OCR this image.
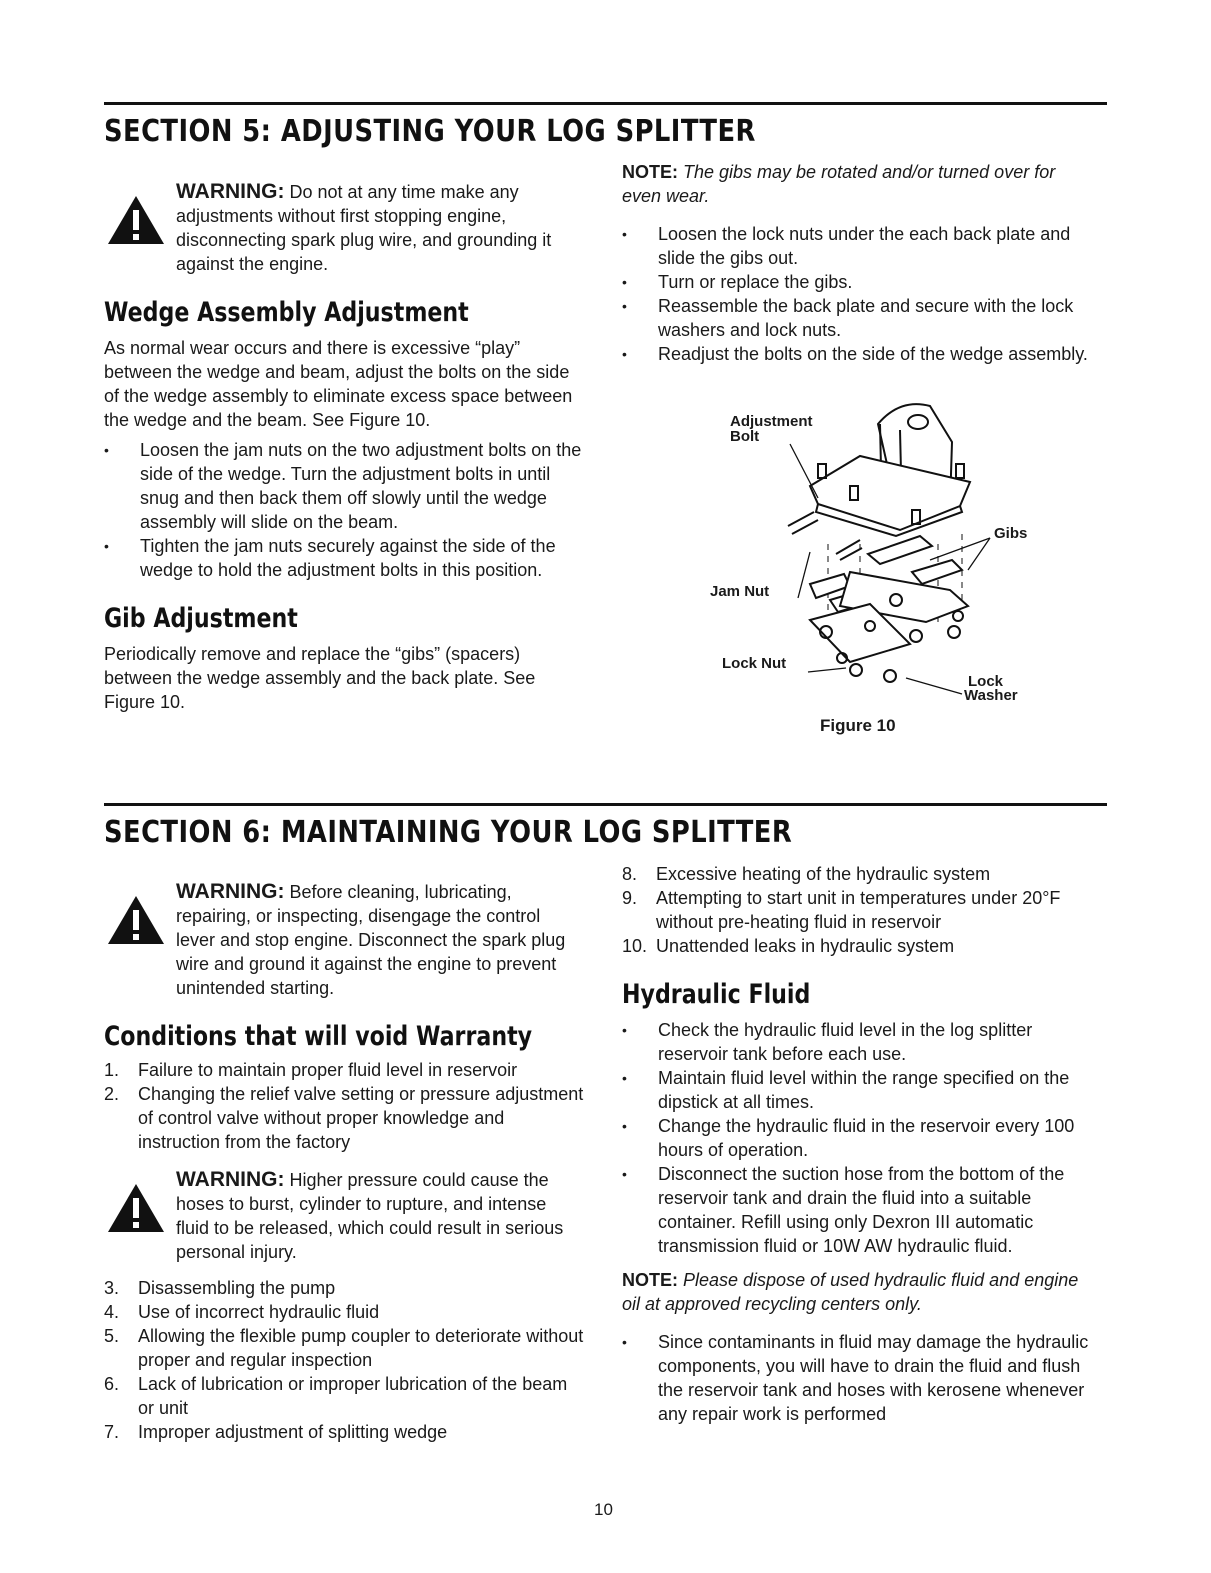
SECTION 5: ADJUSTING YOUR LOG SPLITTER

WARNING: Do not at any time make any adjustments without first stopping engine, disconnecting spark plug wire, and grounding it against the engine.

Wedge Assembly Adjustment

As normal wear occurs and there is excessive “play” between the wedge and beam, adjust the bolts on the side of the wedge assembly to eliminate excess space between the wedge and the beam. See Figure 10.

• Loosen the jam nuts on the two adjustment bolts on the side of the wedge. Turn the adjustment bolts in until snug and then back them off slowly until the wedge assembly will slide on the beam.
• Tighten the jam nuts securely against the side of the wedge to hold the adjustment bolts in this position.
Gib Adjustment

Periodically remove and replace the “gibs” (spacers) between the wedge assembly and the back plate. See Figure 10.

NOTE: The gibs may be rotated and/or turned over for even wear.

• Loosen the lock nuts under the each back plate and slide the gibs out.
• Turn or replace the gibs.
• Reassemble the back plate and secure with the lock washers and lock nuts.
• Readjust the bolts on the side of the wedge assembly.
Adjustment
Bolt
Gibs
Jam Nut
Lock Nut
Lock
Washer
Figure 10
SECTION 6: MAINTAINING YOUR LOG SPLITTER

WARNING: Before cleaning, lubricating, repairing, or inspecting, disengage the control lever and stop engine. Disconnect the spark plug wire and ground it against the engine to prevent unintended starting.

Conditions that will void Warranty
1. Failure to maintain proper fluid level in reservoir
2. Changing the relief valve setting or pressure adjustment of control valve without proper knowledge and instruction from the factory

WARNING: Higher pressure could cause the hoses to burst, cylinder to rupture, and intense fluid to be released, which could result in serious personal injury.

3. Disassembling the pump
4. Use of incorrect hydraulic fluid
5. Allowing the flexible pump coupler to deteriorate without proper and regular inspection
6. Lack of lubrication or improper lubrication of the beam or unit
7. Improper adjustment of splitting wedge
8. Excessive heating of the hydraulic system
9. Attempting to start unit in temperatures under 20°F without pre-heating fluid in reservoir
10. Unattended leaks in hydraulic system
Hydraulic Fluid
• Check the hydraulic fluid level in the log splitter reservoir tank before each use.
• Maintain fluid level within the range specified on the dipstick at all times.
• Change the hydraulic fluid in the reservoir every 100 hours of operation.
• Disconnect the suction hose from the bottom of the reservoir tank and drain the fluid into a suitable container. Refill using only Dexron III automatic transmission fluid or 10W AW hydraulic fluid.

NOTE: Please dispose of used hydraulic fluid and engine oil at approved recycling centers only.

• Since contaminants in fluid may damage the hydraulic components, you will have to drain the fluid and flush the reservoir tank and hoses with kerosene whenever any repair work is performed
10
